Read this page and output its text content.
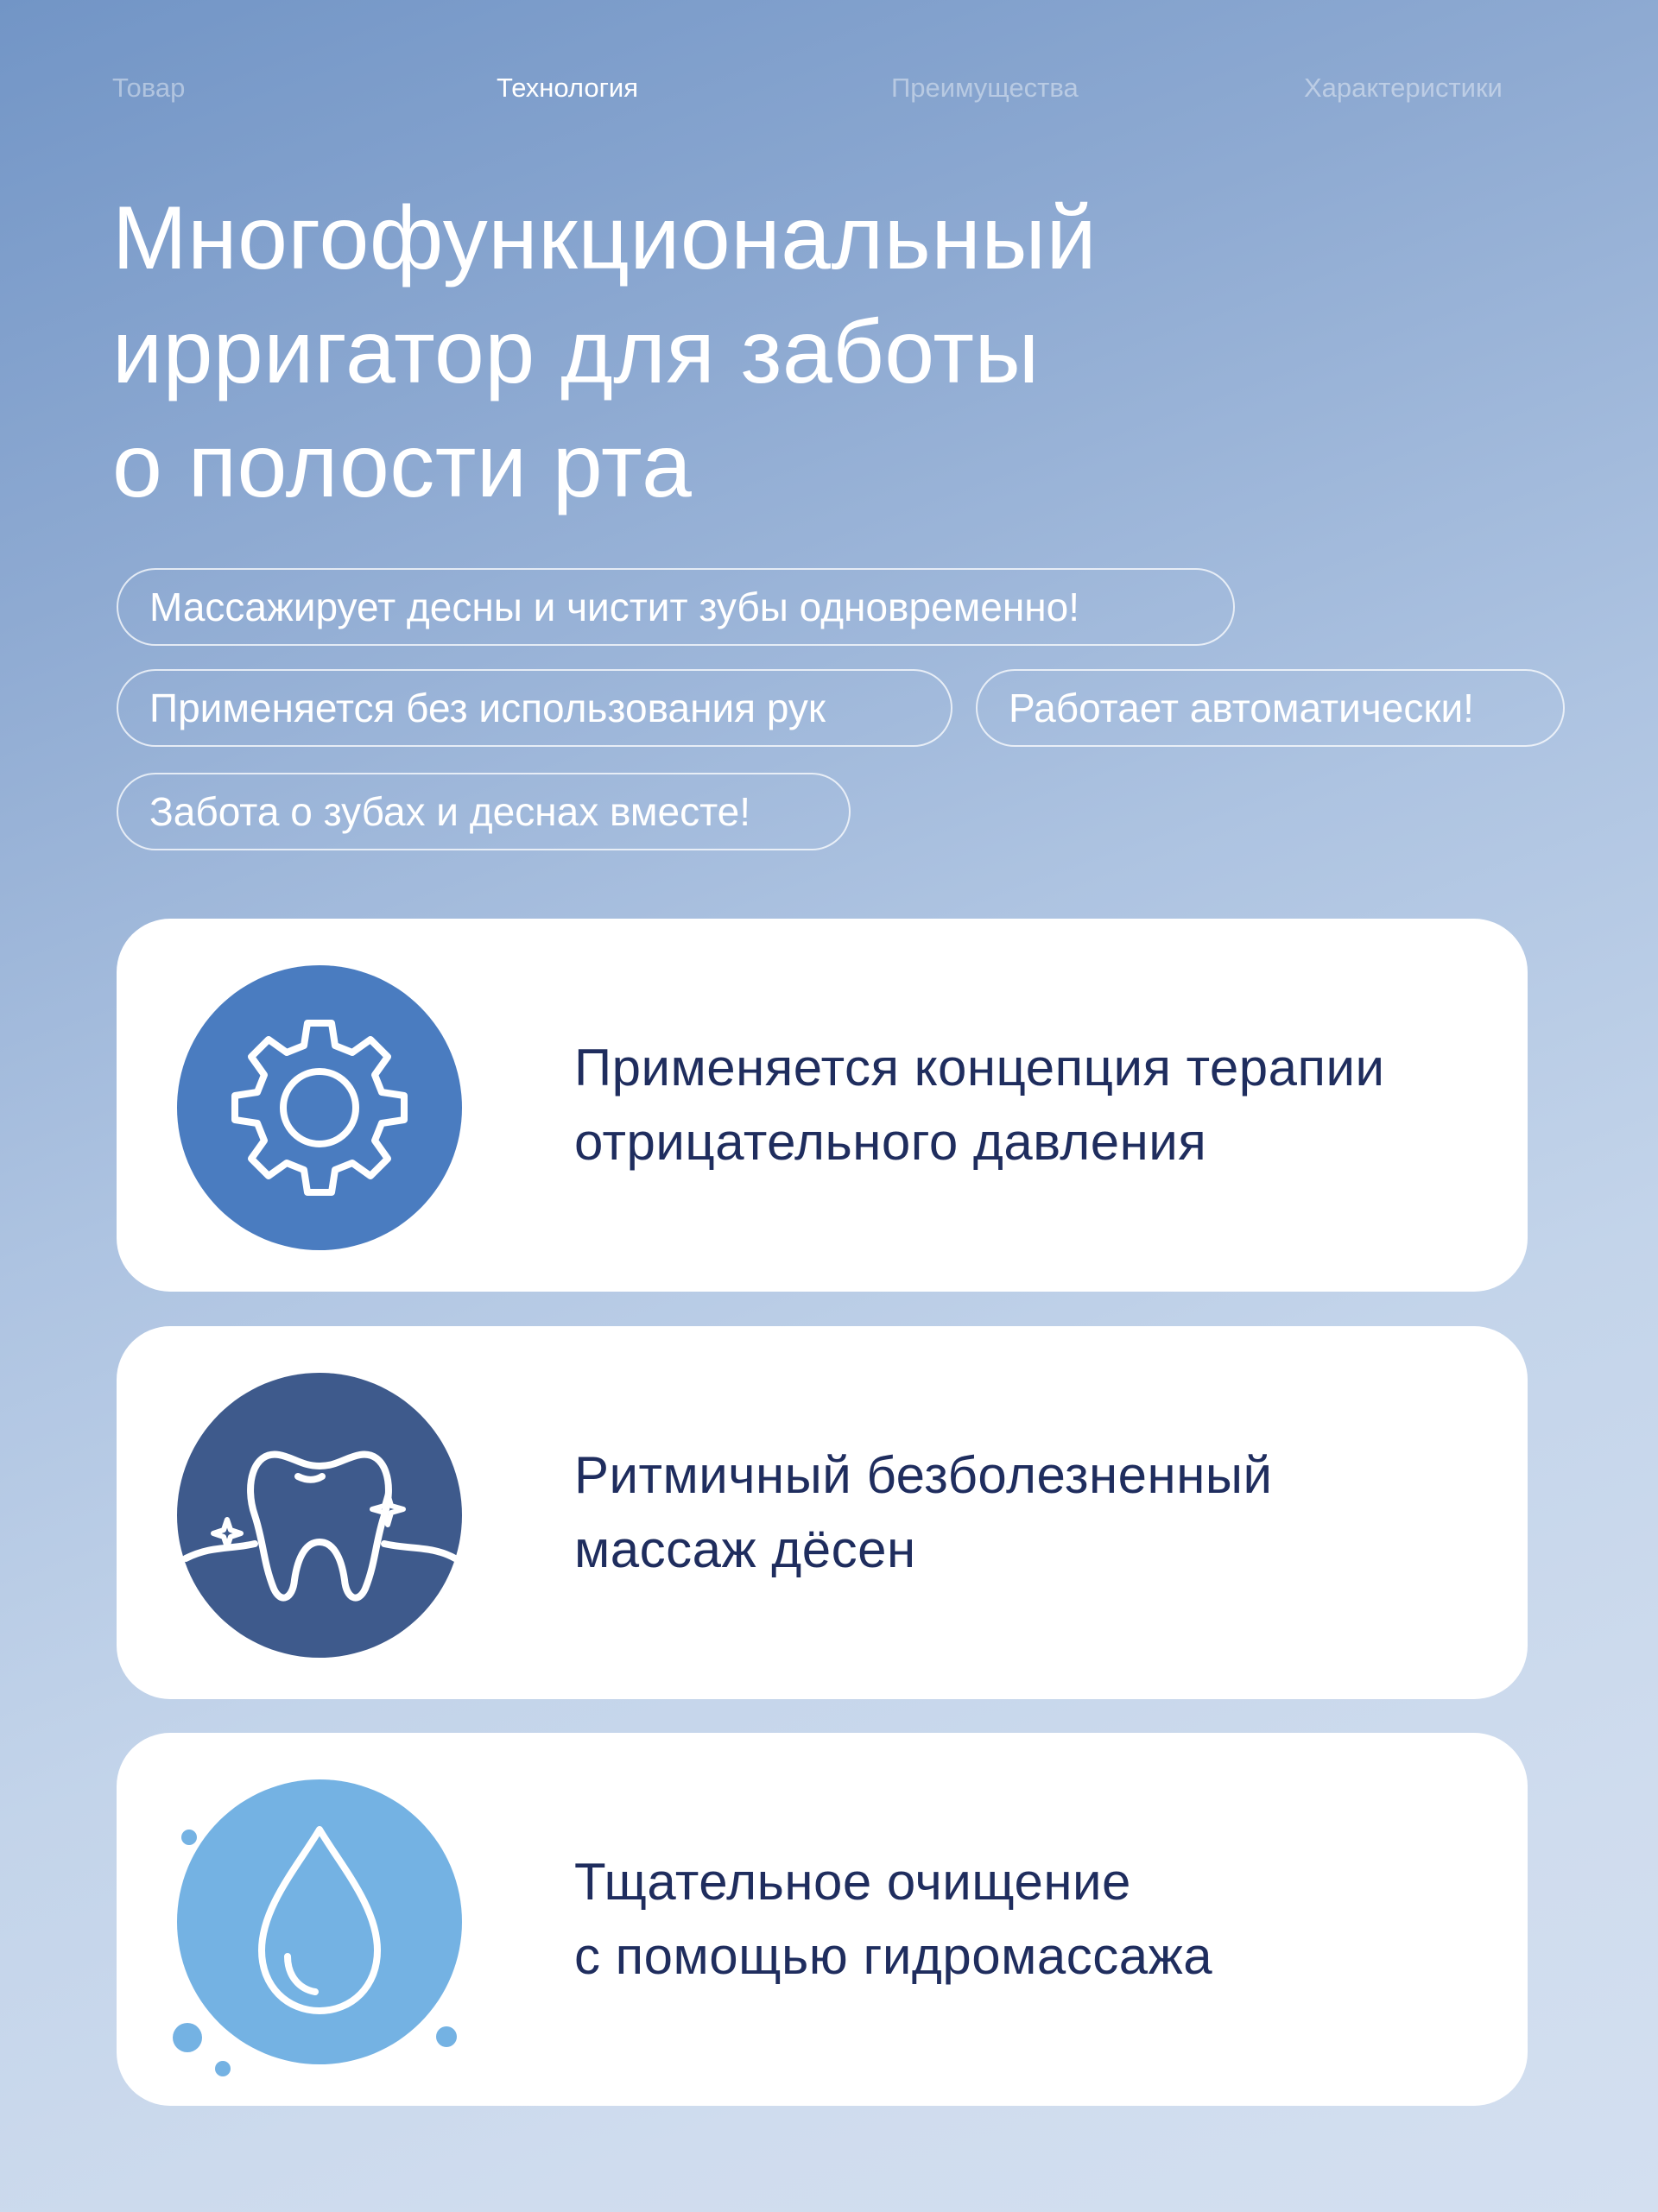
Товар	Технология	Преимущества	Характеристики
Многофункциональный
ирригатор для заботы
о полости рта
Массажирует десны и чистит зубы одновременно!
Применяется без использования рук	Работает автоматически!
Забота о зубах и деснах вместе!
Применяется концепция терапии
отрицательного давления
Ритмичный безболезненный
массаж дёсен
Тщательное очищение
с помощью гидромассажа
